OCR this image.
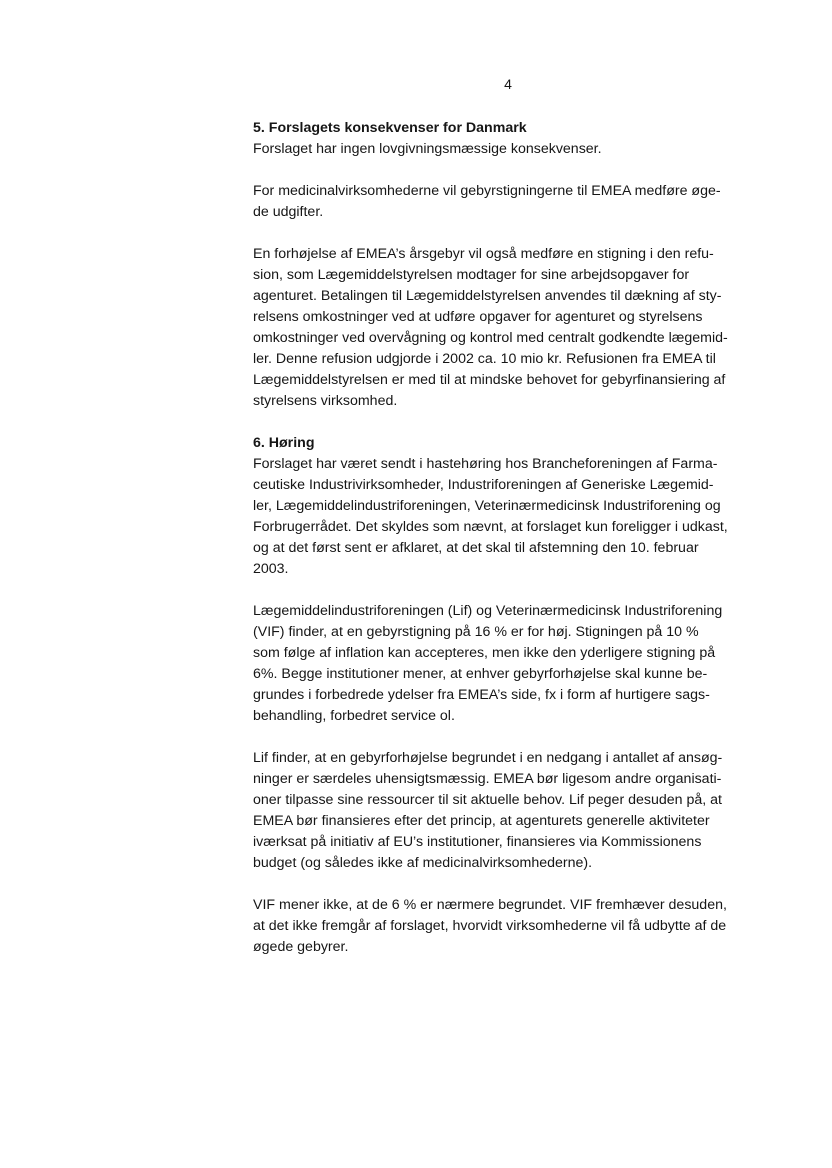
4

5. Forslagets konsekvenser for Danmark

Forslaget har ingen lovgivningsmæssige konsekvenser.

For medicinalvirksomhederne vil gebyrstigningerne til EMEA medføre øge-

de udgifter.

En forhøjelse af EMEA’s årsgebyr vil også medføre en stigning i den refu-

sion, som Lægemiddelstyrelsen modtager for sine arbejdsopgaver for

agenturet. Betalingen til Lægemiddelstyrelsen anvendes til dækning af sty-

relsens omkostninger ved at udføre opgaver for agenturet og styrelsens

omkostninger ved overvågning og kontrol med centralt godkendte lægemid-

ler. Denne refusion udgjorde i 2002 ca. 10 mio kr. Refusionen fra EMEA til

Lægemiddelstyrelsen er med til at mindske behovet for gebyrfinansiering af

styrelsens virksomhed.

6. Høring

Forslaget har været sendt i hastehøring hos Brancheforeningen af Farma-

ceutiske Industrivirksomheder, Industriforeningen af Generiske Lægemid-

ler, Lægemiddelindustriforeningen, Veterinærmedicinsk Industriforening og

Forbrugerrådet. Det skyldes som nævnt, at forslaget kun foreligger i udkast,

og at det først sent er afklaret, at det skal til afstemning den 10. februar

2003.

Lægemiddelindustriforeningen (Lif) og Veterinærmedicinsk Industriforening

(VIF) finder, at en gebyrstigning på 16 % er for høj. Stigningen på 10 %

som følge af inflation kan accepteres, men ikke den yderligere stigning på

6%. Begge institutioner mener, at enhver gebyrforhøjelse skal kunne be-

grundes i forbedrede ydelser fra EMEA’s side, fx i form af hurtigere sags-

behandling, forbedret service ol.

Lif finder, at en gebyrforhøjelse begrundet i en nedgang i antallet af ansøg-

ninger er særdeles uhensigtsmæssig. EMEA bør ligesom andre organisati-

oner tilpasse sine ressourcer til sit aktuelle behov. Lif peger desuden på, at

EMEA bør finansieres efter det princip, at agenturets generelle aktiviteter

iværksat på initiativ af EU’s institutioner, finansieres via Kommissionens

budget (og således ikke af medicinalvirksomhederne).

VIF mener ikke, at de 6 % er nærmere begrundet. VIF fremhæver desuden,

at det ikke fremgår af forslaget, hvorvidt virksomhederne vil få udbytte af de

øgede gebyrer.
